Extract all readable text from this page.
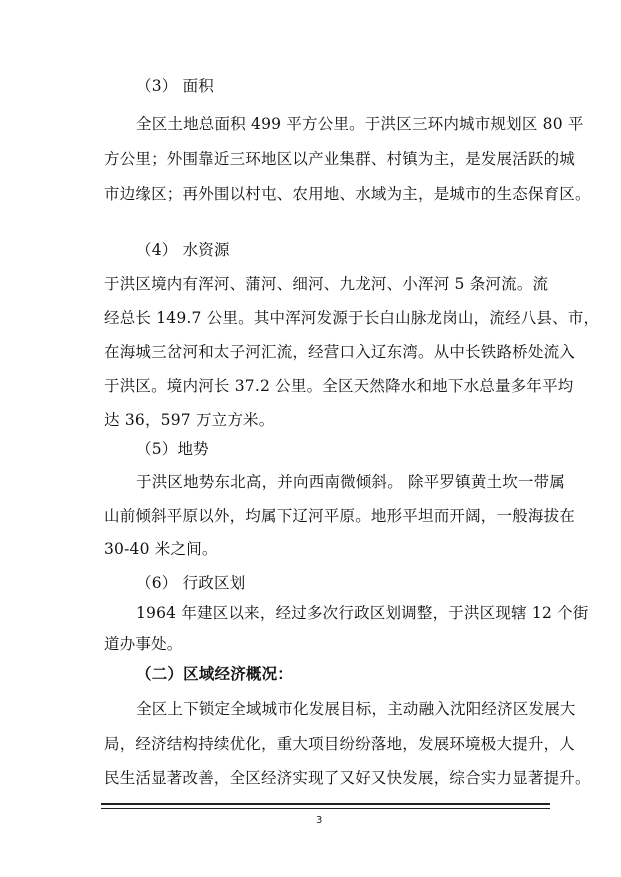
（3） 面积
全区土地总面积 499 平方公里。于洪区三环内城市规划区 80 平
方公里；外围靠近三环地区以产业集群、村镇为主，是发展活跃的城
市边缘区；再外围以村屯、农用地、水域为主，是城市的生态保育区。
（4） 水资源
于洪区境内有浑河、蒲河、细河、九龙河、小浑河 5 条河流。流
经总长 149.7 公里。其中浑河发源于长白山脉龙岗山，流经八县、市，
在海城三岔河和太子河汇流，经营口入辽东湾。从中长铁路桥处流入
于洪区。境内河长 37.2 公里。全区天然降水和地下水总量多年平均
达 36，597 万立方米。
（5）地势
于洪区地势东北高，并向西南微倾斜。 除平罗镇黄土坎一带属
山前倾斜平原以外，均属下辽河平原。地形平坦而开阔，一般海拔在
30-40 米之间。
（6） 行政区划
1964 年建区以来，经过多次行政区划调整，于洪区现辖 12 个街
道办事处。
（二）区域经济概况：
全区上下锁定全域城市化发展目标，主动融入沈阳经济区发展大
局，经济结构持续优化，重大项目纷纷落地，发展环境极大提升，人
民生活显著改善，全区经济实现了又好又快发展，综合实力显著提升。
3
